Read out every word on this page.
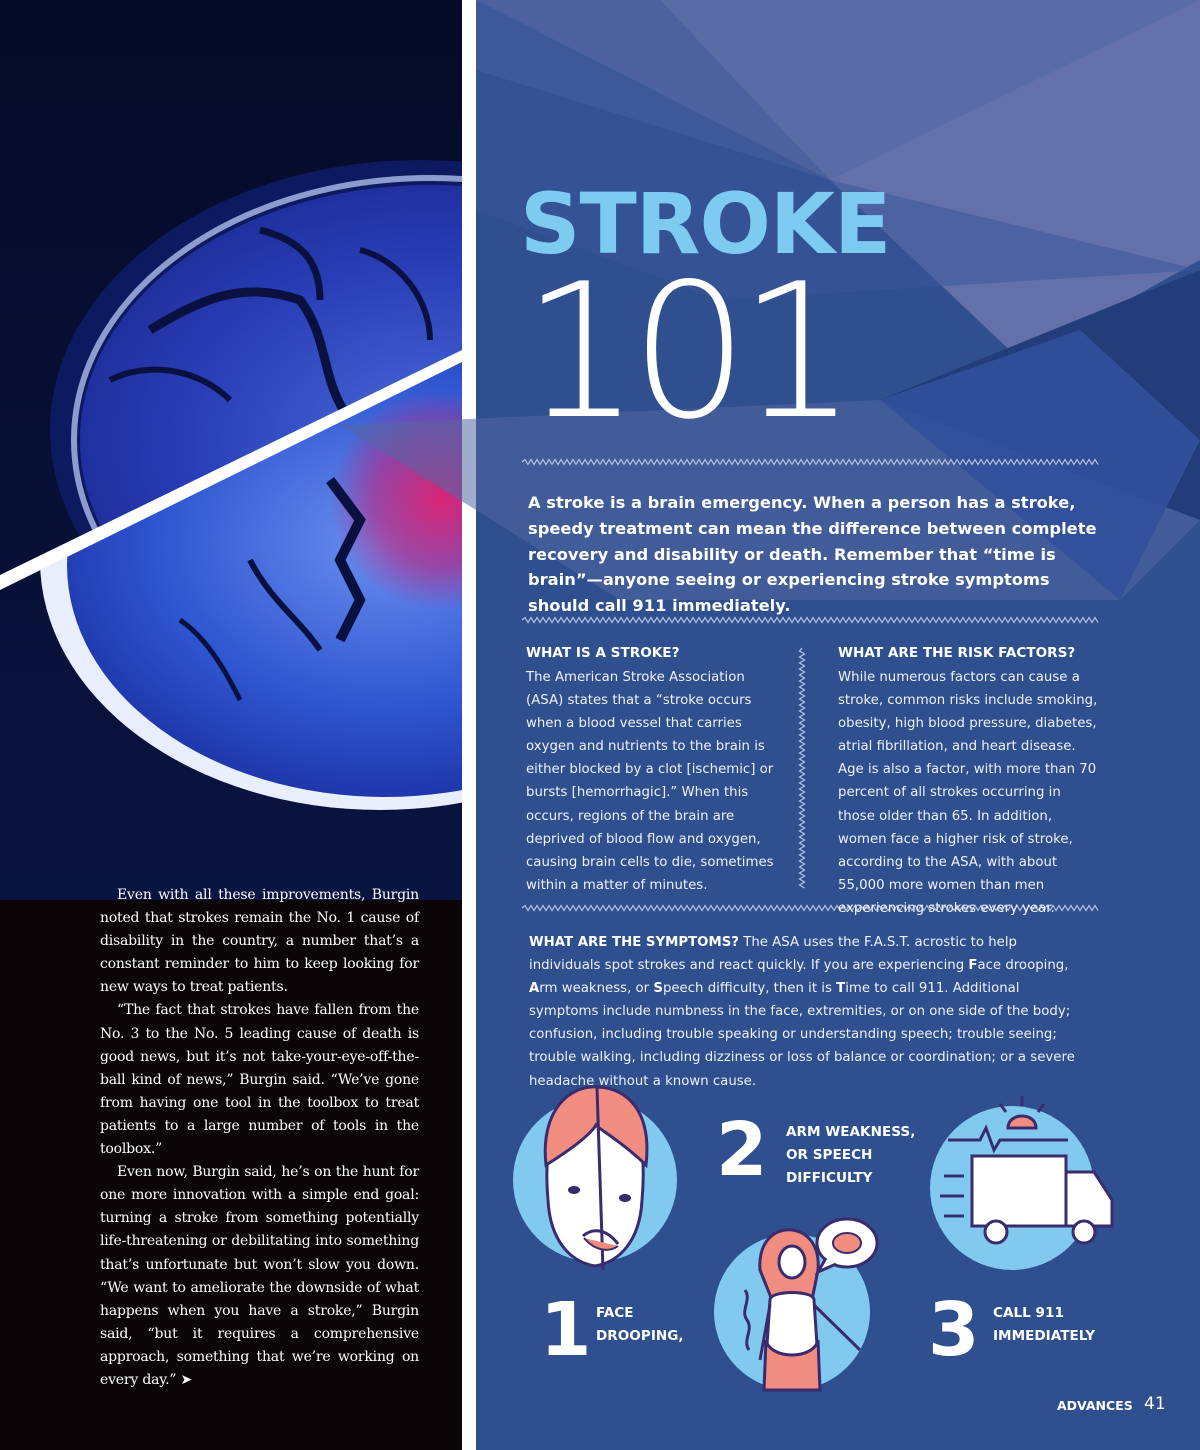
Even with all these improvements, Burgin noted that strokes remain the No. 1 cause of disability in the country, a number that’s a constant reminder to him to keep looking for new ways to treat patients.

“The fact that strokes have fallen from the No. 3 to the No. 5 leading cause of death is good news, but it’s not take-your-eye-off-the-ball kind of news,” Burgin said. “We’ve gone from having one tool in the toolbox to treat patients to a large number of tools in the toolbox.”

Even now, Burgin said, he’s on the hunt for one more innovation with a simple end goal: turning a stroke from something potentially life-threatening or debilitating into something that’s unfortunate but won’t slow you down. “We want to ameliorate the downside of what happens when you have a stroke,” Burgin said, “but it requires a comprehensive approach, something that we’re working on every day.” ➤

STROKE
101

A stroke is a brain emergency. When a person has a stroke, speedy treatment can mean the difference between complete recovery and disability or death. Remember that “time is brain”—anyone seeing or experiencing stroke symptoms should call 911 immediately.

WHAT IS A STROKE?

The American Stroke Association (ASA) states that a “stroke occurs when a blood vessel that carries oxygen and nutrients to the brain is either blocked by a clot [ischemic] or bursts [hemorrhagic].” When this occurs, regions of the brain are deprived of blood flow and oxygen, causing brain cells to die, sometimes within a matter of minutes.

WHAT ARE THE RISK FACTORS?

While numerous factors can cause a stroke, common risks include smoking, obesity, high blood pressure, diabetes, atrial fibrillation, and heart disease. Age is also a factor, with more than 70 percent of all strokes occurring in those older than 65. In addition, women face a higher risk of stroke, according to the ASA, with about 55,000 more women than men experiencing strokes every year.

WHAT ARE THE SYMPTOMS? The ASA uses the F.A.S.T. acrostic to help individuals spot strokes and react quickly. If you are experiencing Face drooping, Arm weakness, or Speech difficulty, then it is Time to call 911. Additional symptoms include numbness in the face, extremities, or on one side of the body; confusion, including trouble speaking or understanding speech; trouble seeing; trouble walking, including dizziness or loss of balance or coordination; or a severe headache without a known cause.

1 FACE
DROOPING,
2 ARM WEAKNESS,
OR SPEECH
DIFFICULTY
3 CALL 911
IMMEDIATELY
ADVANCES 41
